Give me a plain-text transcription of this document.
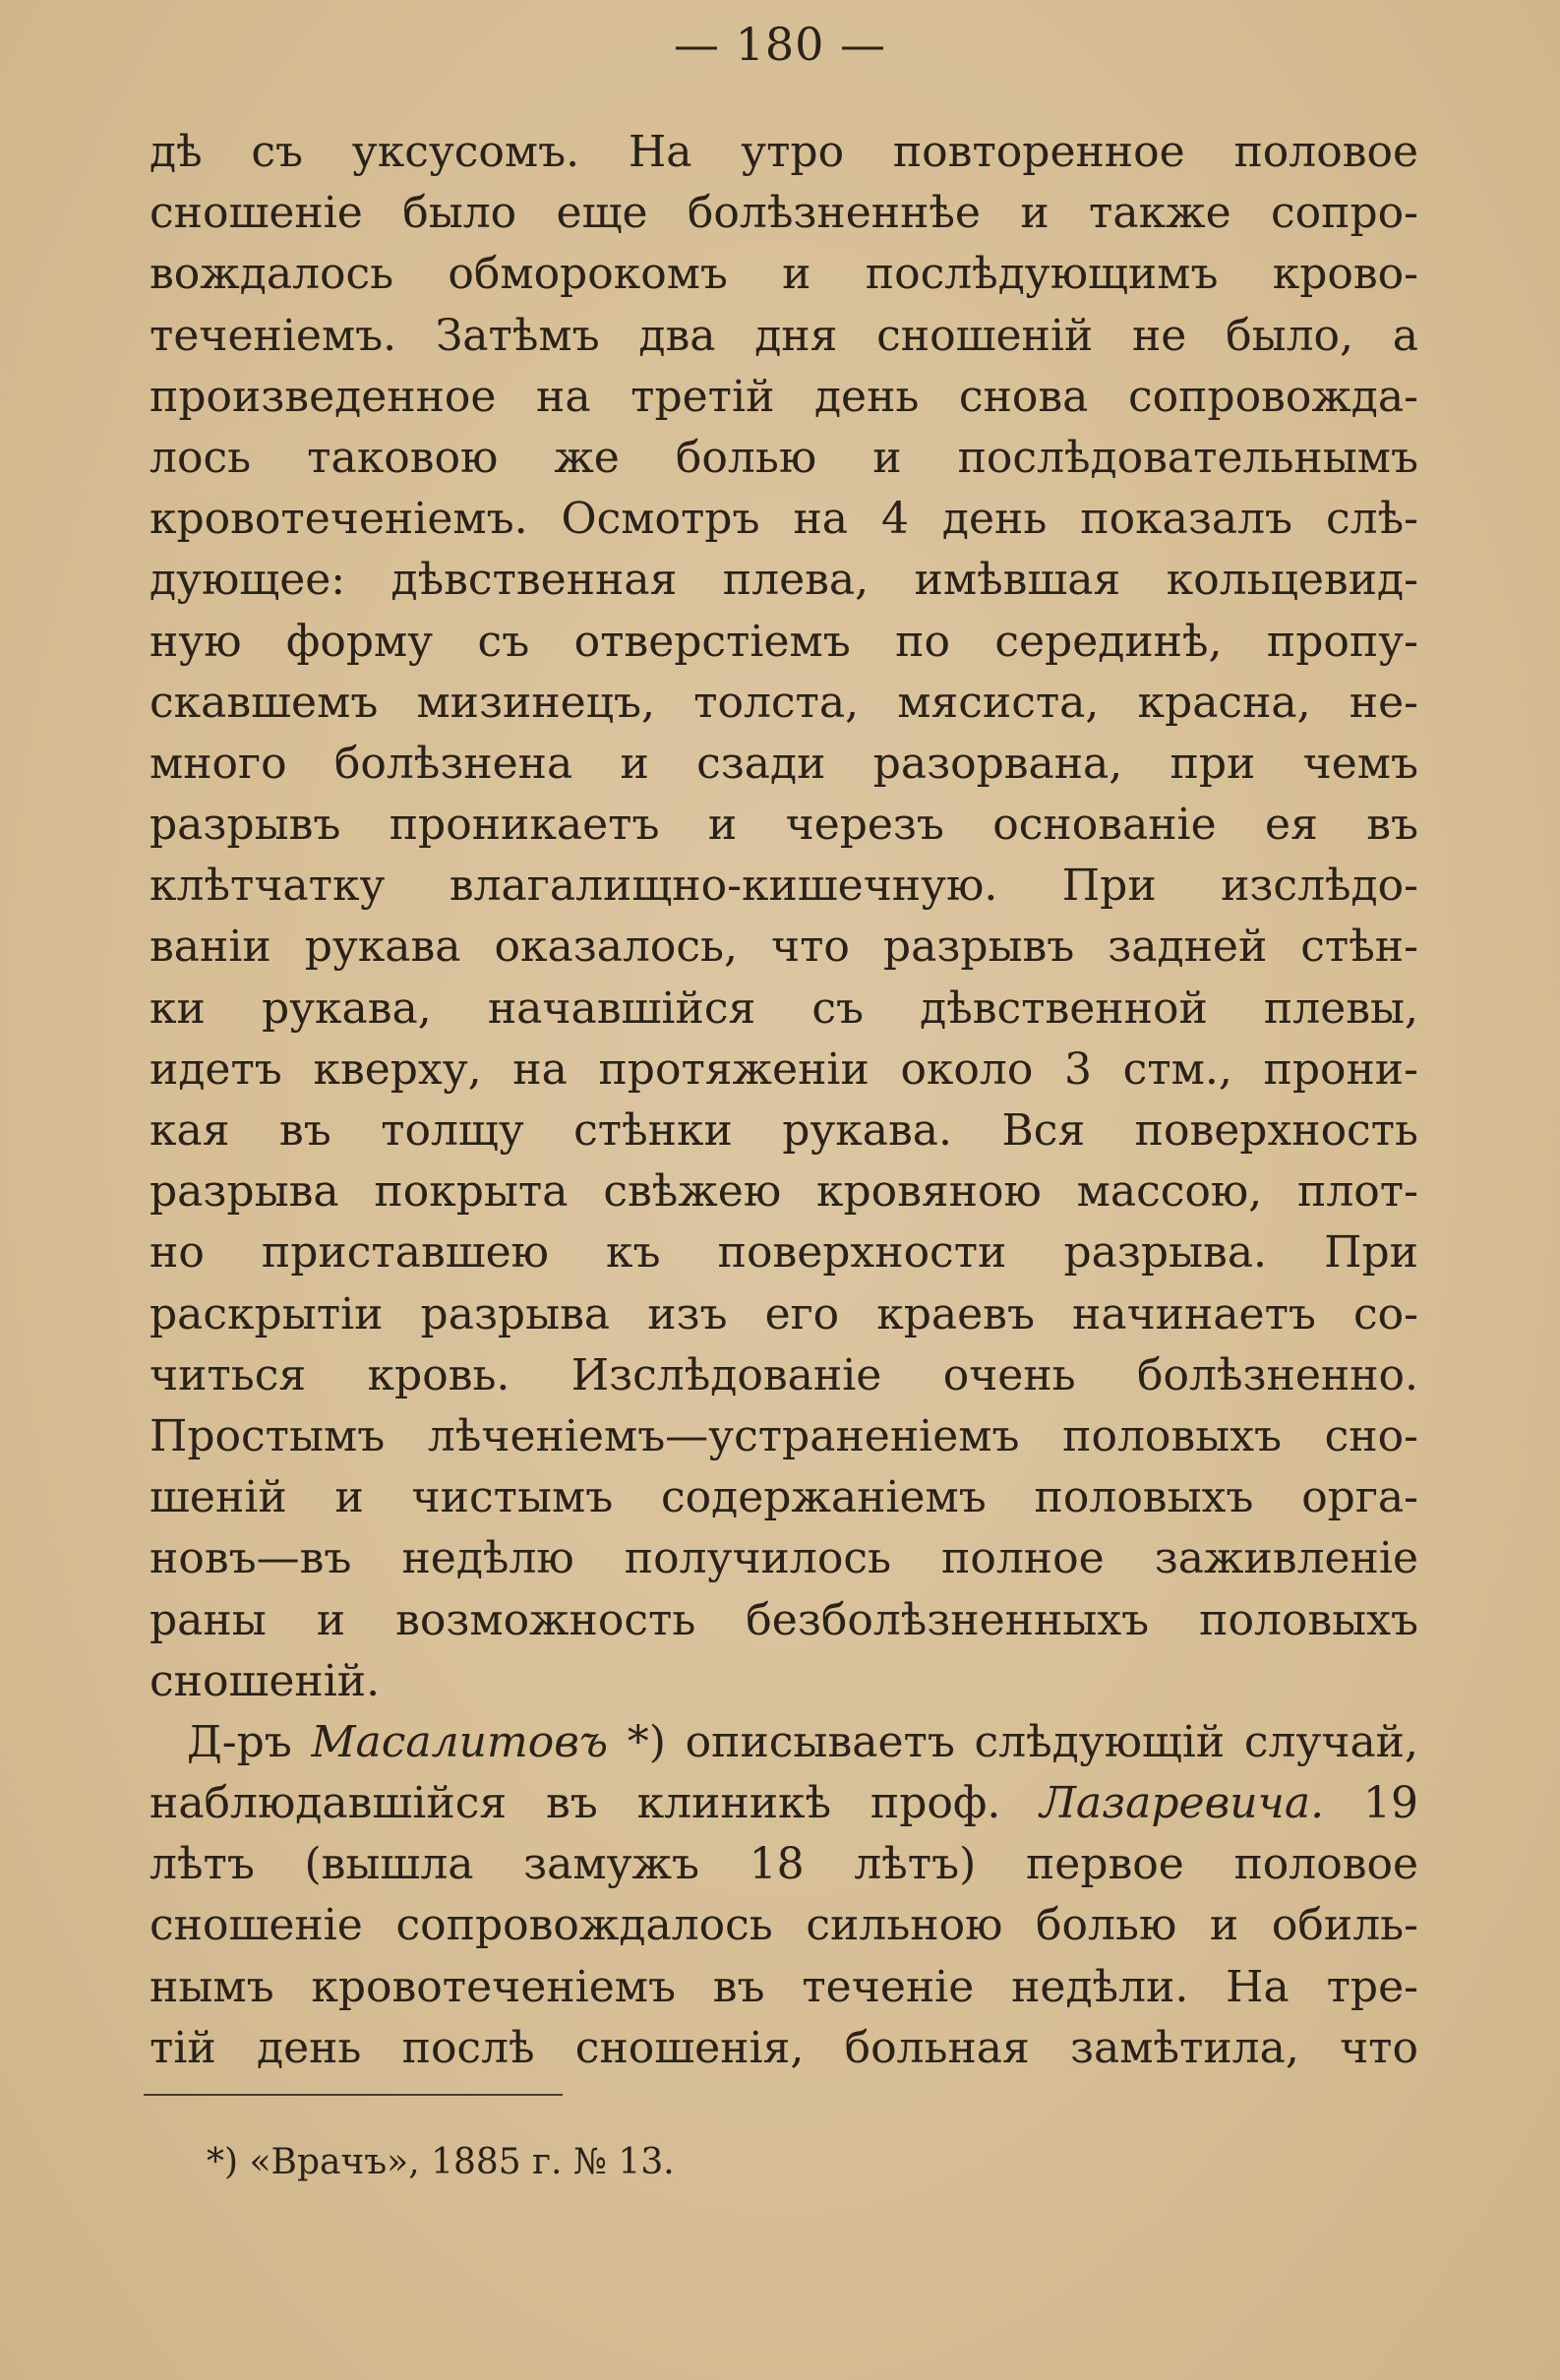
— 180 —
дѣ съ уксусомъ. На утро повторенное половое
сношеніе было еще болѣзненнѣе и также сопро-
вождалось обморокомъ и послѣдующимъ крово-
теченіемъ. Затѣмъ два дня сношеній не было, а
произведенное на третій день снова сопровожда-
лось таковою же болью и послѣдовательнымъ
кровотеченіемъ. Осмотръ на 4 день показалъ слѣ-
дующее: дѣвственная плева, имѣвшая кольцевид-
ную форму съ отверстіемъ по серединѣ, пропу-
скавшемъ мизинецъ, толста, мясиста, красна, не-
много болѣзнена и сзади разорвана, при чемъ
разрывъ проникаетъ и черезъ основаніе ея въ
клѣтчатку влагалищно-кишечную. При изслѣдо-
ваніи рукава оказалось, что разрывъ задней стѣн-
ки рукава, начавшійся съ дѣвственной плевы,
идетъ кверху, на протяженіи около 3 стм., прони-
кая въ толщу стѣнки рукава. Вся поверхность
разрыва покрыта свѣжею кровяною массою, плот-
но приставшею къ поверхности разрыва. При
раскрытіи разрыва изъ его краевъ начинаетъ со-
читься кровь. Изслѣдованіе очень болѣзненно.
Простымъ лѣченіемъ—устраненіемъ половыхъ сно-
шеній и чистымъ содержаніемъ половыхъ орга-
новъ—въ недѣлю получилось полное заживленіе
раны и возможность безболѣзненныхъ половыхъ
сношеній.
Д-ръ Масалитовъ *) описываетъ слѣдующій случай,
наблюдавшійся въ клиникѣ проф. Лазаревича. 19
лѣтъ (вышла замужъ 18 лѣтъ) первое половое
сношеніе сопровождалось сильною болью и обиль-
нымъ кровотеченіемъ въ теченіе недѣли. На тре-
тій день послѣ сношенія, больная замѣтила, что
*) «Врачъ», 1885 г. № 13.
